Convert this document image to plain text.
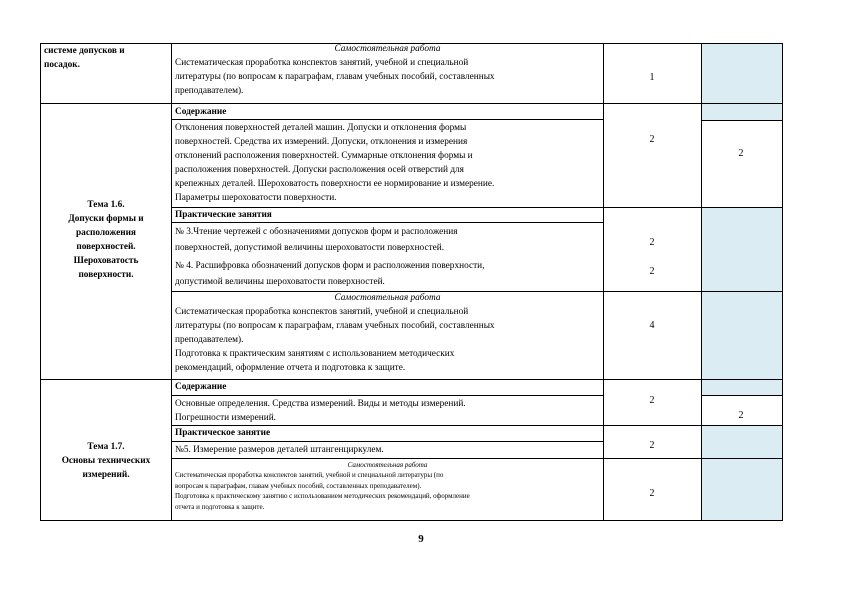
системе допусков и
посадок.
Самостоятельная работа
Систематическая проработка конспектов занятий, учебной и специальной
литературы (по вопросам к параграфам, главам учебных пособий, составленных
преподавателем).
1
Тема 1.6.
Допуски формы и
расположения
поверхностей.
Шероховатость
поверхности.
Содержание
Отклонения поверхностей деталей машин. Допуски и отклонения формы
поверхностей. Средства их измерений. Допуски, отклонения и измерения
отклонений расположения поверхностей. Суммарные отклонения формы и
расположения поверхностей. Допуски расположения осей отверстий для
крепежных деталей. Шероховатость поверхности ее нормирование и измерение.
Параметры шероховатости поверхности.
2
2
Практические занятия
№ 3.Чтение чертежей с обозначениями допусков форм и расположения
поверхностей, допустимой величины шероховатости поверхностей.
№ 4. Расшифровка обозначений допусков форм и расположения поверхности,
допустимой величины шероховатости поверхностей.
2
2
Самостоятельная работа
Систематическая проработка конспектов занятий, учебной и специальной
литературы (по вопросам к параграфам, главам учебных пособий, составленных
преподавателем).
Подготовка к практическим занятиям с использованием методических
рекомендаций, оформление отчета и подготовка к защите.
4
Тема 1.7.
Основы технических
измерений.
Содержание
Основные определения. Средства измерений. Виды и методы измерений.
Погрешности измерений.
2
2
Практическое занятие
№5. Измерение размеров деталей штангенциркулем.	2
Самостоятельная работа
Систематическая проработка конспектов занятий, учебной и специальной литературы (по
вопросам к параграфам, главам учебных пособий, составленных преподавателем).
Подготовка к практическому занятию с использованием методических рекомендаций, оформление
отчета и подготовка к защите.
2
9
